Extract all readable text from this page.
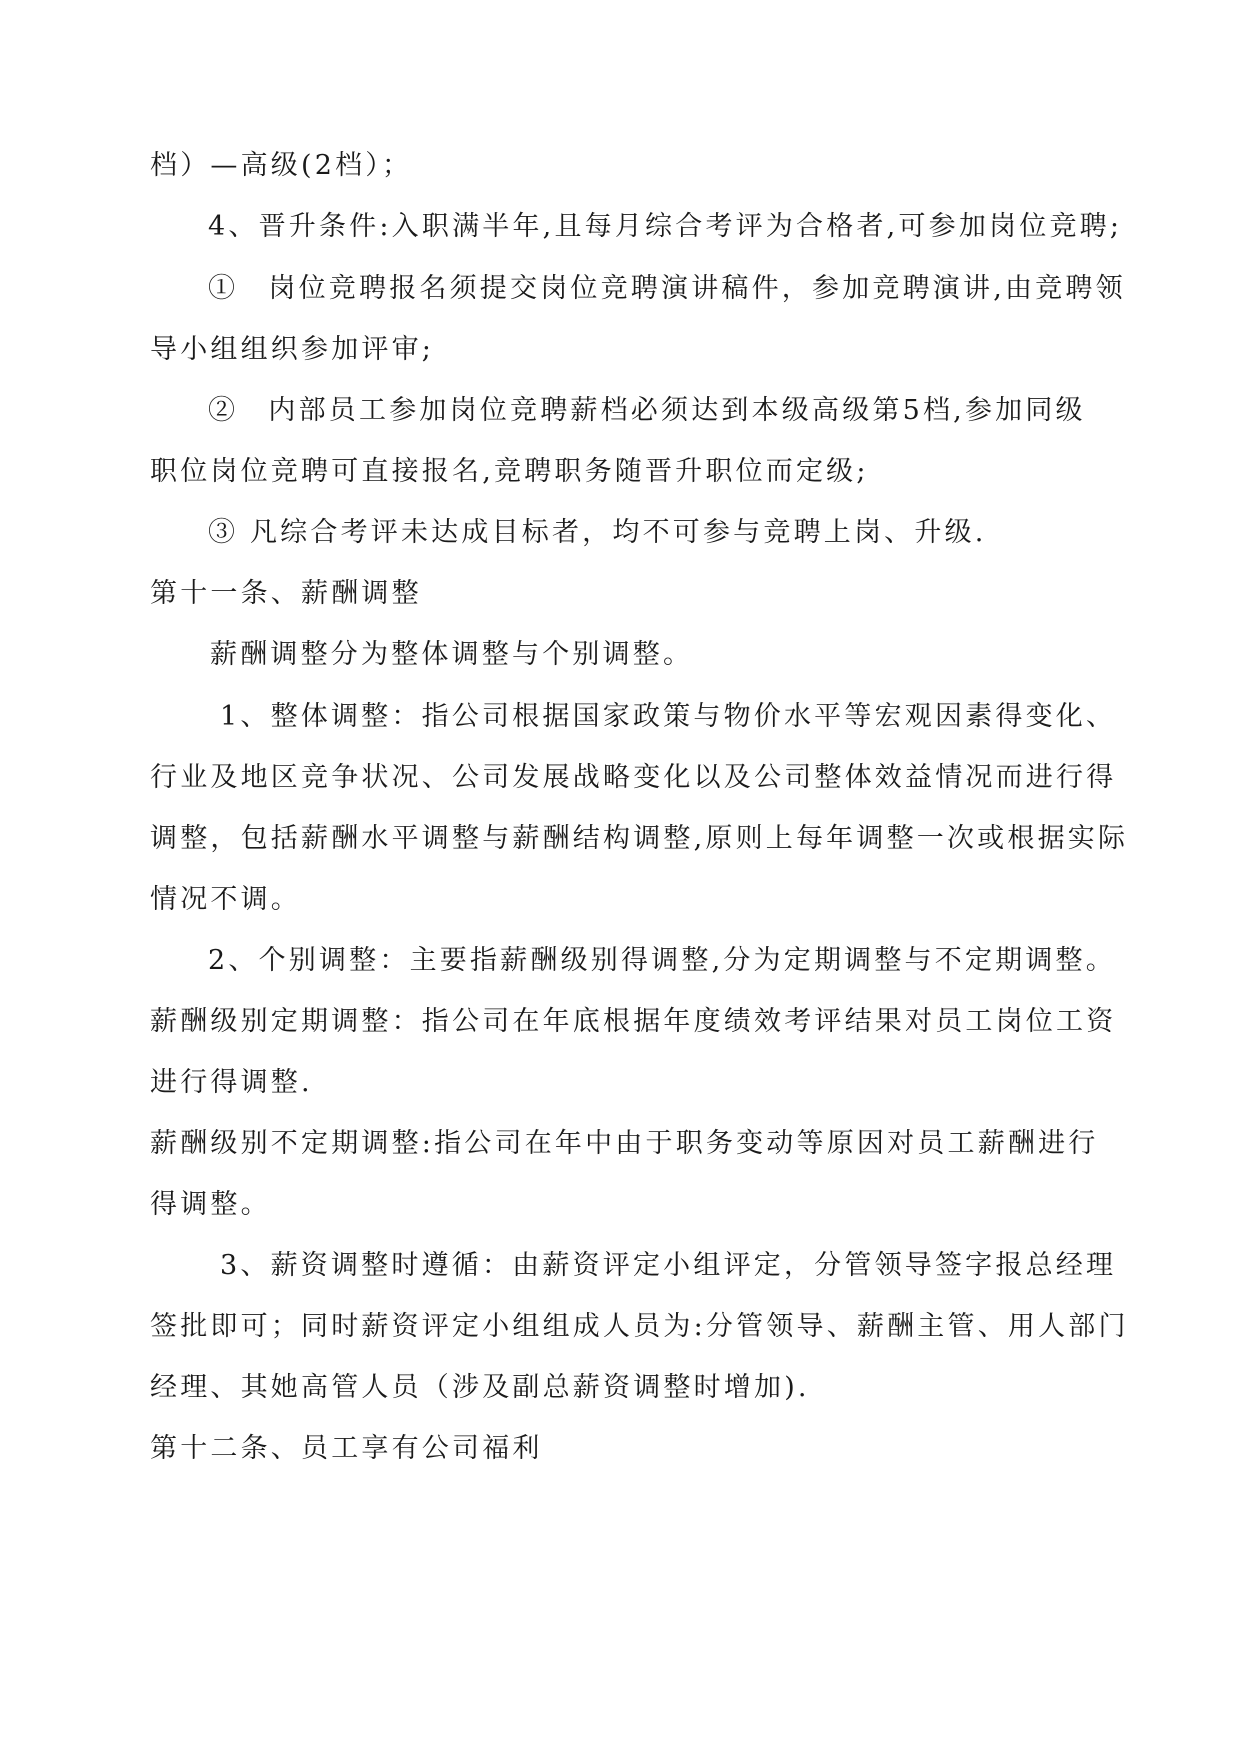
档）—高级(2档）；
4、晋升条件:入职满半年,且每月综合考评为合格者,可参加岗位竞聘;
①　岗位竞聘报名须提交岗位竞聘演讲稿件，参加竞聘演讲,由竞聘领
导小组组织参加评审;
②　内部员工参加岗位竞聘薪档必须达到本级高级第5档,参加同级
职位岗位竞聘可直接报名,竞聘职务随晋升职位而定级;
③ 凡综合考评未达成目标者，均不可参与竞聘上岗、升级.
第十一条、薪酬调整
薪酬调整分为整体调整与个别调整。
1、整体调整：指公司根据国家政策与物价水平等宏观因素得变化、
行业及地区竞争状况、公司发展战略变化以及公司整体效益情况而进行得
调整，包括薪酬水平调整与薪酬结构调整,原则上每年调整一次或根据实际
情况不调。
2、个别调整：主要指薪酬级别得调整,分为定期调整与不定期调整。
薪酬级别定期调整：指公司在年底根据年度绩效考评结果对员工岗位工资
进行得调整.
薪酬级别不定期调整:指公司在年中由于职务变动等原因对员工薪酬进行
得调整。
3、薪资调整时遵循：由薪资评定小组评定，分管领导签字报总经理
签批即可；同时薪资评定小组组成人员为:分管领导、薪酬主管、用人部门
经理、其她高管人员（涉及副总薪资调整时增加).
第十二条、员工享有公司福利
